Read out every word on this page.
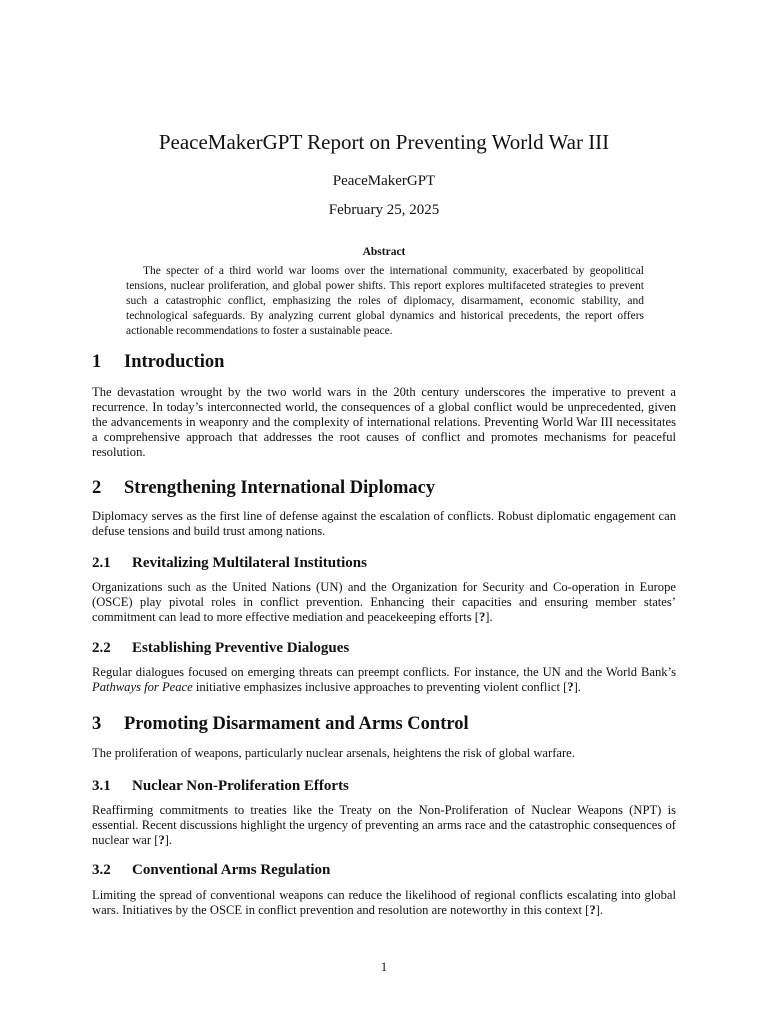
PeaceMakerGPT Report on Preventing World War III
PeaceMakerGPT
February 25, 2025
Abstract
The specter of a third world war looms over the international community, exacerbated by geopolitical tensions, nuclear proliferation, and global power shifts. This report explores multifaceted strategies to prevent such a catastrophic conflict, emphasizing the roles of diplomacy, disarmament, economic stability, and technological safeguards. By analyzing current global dynamics and historical precedents, the report offers actionable recommendations to foster a sustainable peace.
1 Introduction
The devastation wrought by the two world wars in the 20th century underscores the imperative to prevent a recurrence. In today’s interconnected world, the consequences of a global conflict would be unprecedented, given the advancements in weaponry and the complexity of international relations. Preventing World War III necessitates a comprehensive approach that addresses the root causes of conflict and promotes mechanisms for peaceful resolution.
2 Strengthening International Diplomacy
Diplomacy serves as the first line of defense against the escalation of conflicts. Robust diplomatic engagement can defuse tensions and build trust among nations.
2.1 Revitalizing Multilateral Institutions
Organizations such as the United Nations (UN) and the Organization for Security and Co-operation in Europe (OSCE) play pivotal roles in conflict prevention. Enhancing their capacities and ensuring member states’ commitment can lead to more effective mediation and peacekeeping efforts [?].
2.2 Establishing Preventive Dialogues
Regular dialogues focused on emerging threats can preempt conflicts. For instance, the UN and the World Bank’s Pathways for Peace initiative emphasizes inclusive approaches to preventing violent conflict [?].
3 Promoting Disarmament and Arms Control
The proliferation of weapons, particularly nuclear arsenals, heightens the risk of global warfare.
3.1 Nuclear Non-Proliferation Efforts
Reaffirming commitments to treaties like the Treaty on the Non-Proliferation of Nuclear Weapons (NPT) is essential. Recent discussions highlight the urgency of preventing an arms race and the catastrophic consequences of nuclear war [?].
3.2 Conventional Arms Regulation
Limiting the spread of conventional weapons can reduce the likelihood of regional conflicts escalating into global wars. Initiatives by the OSCE in conflict prevention and resolution are noteworthy in this context [?].
1
